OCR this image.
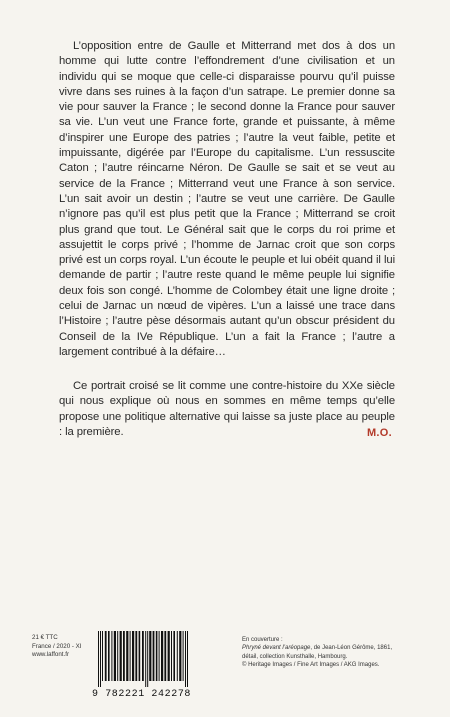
L’opposition entre de Gaulle et Mitterrand met dos à dos un homme qui lutte contre l’effondrement d’une civilisation et un individu qui se moque que celle-ci disparaisse pourvu qu’il puisse vivre dans ses ruines à la façon d’un satrape. Le premier donne sa vie pour sauver la France ; le second donne la France pour sauver sa vie. L’un veut une France forte, grande et puissante, à même d’inspirer une Europe des patries ; l’autre la veut faible, petite et impuissante, digérée par l’Europe du capitalisme. L’un ressuscite Caton ; l’autre réincarne Néron. De Gaulle se sait et se veut au service de la France ; Mitterrand veut une France à son service. L’un sait avoir un destin ; l’autre se veut une carrière. De Gaulle n’ignore pas qu’il est plus petit que la France ; Mitterrand se croit plus grand que tout. Le Général sait que le corps du roi prime et assujettit le corps privé ; l’homme de Jarnac croit que son corps privé est un corps royal. L’un écoute le peuple et lui obéit quand il lui demande de partir ; l’autre reste quand le même peuple lui signifie deux fois son congé. L’homme de Colombey était une ligne droite ; celui de Jarnac un nœud de vipères. L’un a laissé une trace dans l’Histoire ; l’autre pèse désormais autant qu’un obscur président du Conseil de la IVe République. L’un a fait la France ; l’autre a largement contribué à la défaire…

Ce portrait croisé se lit comme une contre-histoire du XXe siècle qui nous explique où nous en sommes en même temps qu’elle propose une politique alternative qui laisse sa juste place au peuple : la première.	M.O.
21 € TTC
France / 2020 - XI
www.laffont.fr
9 782221 242278
En couverture :
Phryné devant l’aréopage, de Jean-Léon Gérôme, 1861,
détail, collection Kunsthalle, Hambourg.
© Heritage Images / Fine Art Images / AKG Images.
